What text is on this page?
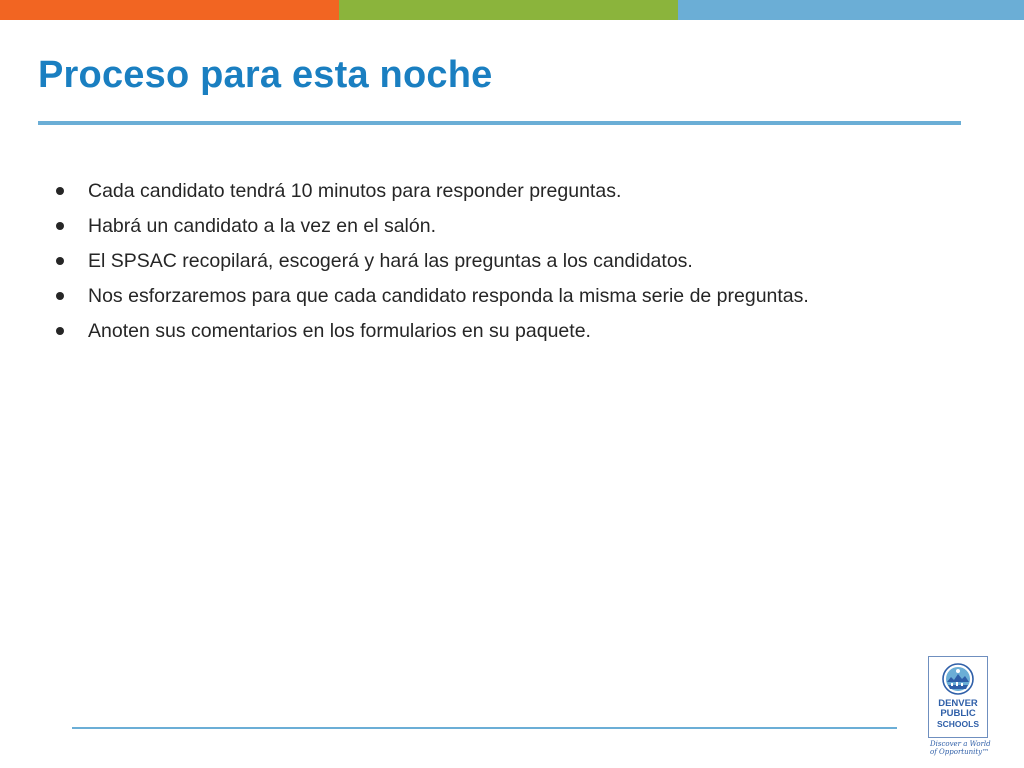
Proceso para esta noche
Cada candidato tendrá 10 minutos para responder preguntas.
Habrá un candidato a la vez en el salón.
El SPSAC recopilará, escogerá y hará las preguntas a los candidatos.
Nos esforzaremos para que cada candidato responda la misma serie de preguntas.
Anoten sus comentarios en los formularios en su paquete.
DENVER
PUBLIC
SCHOOLS
Discover a World
of Opportunity™
